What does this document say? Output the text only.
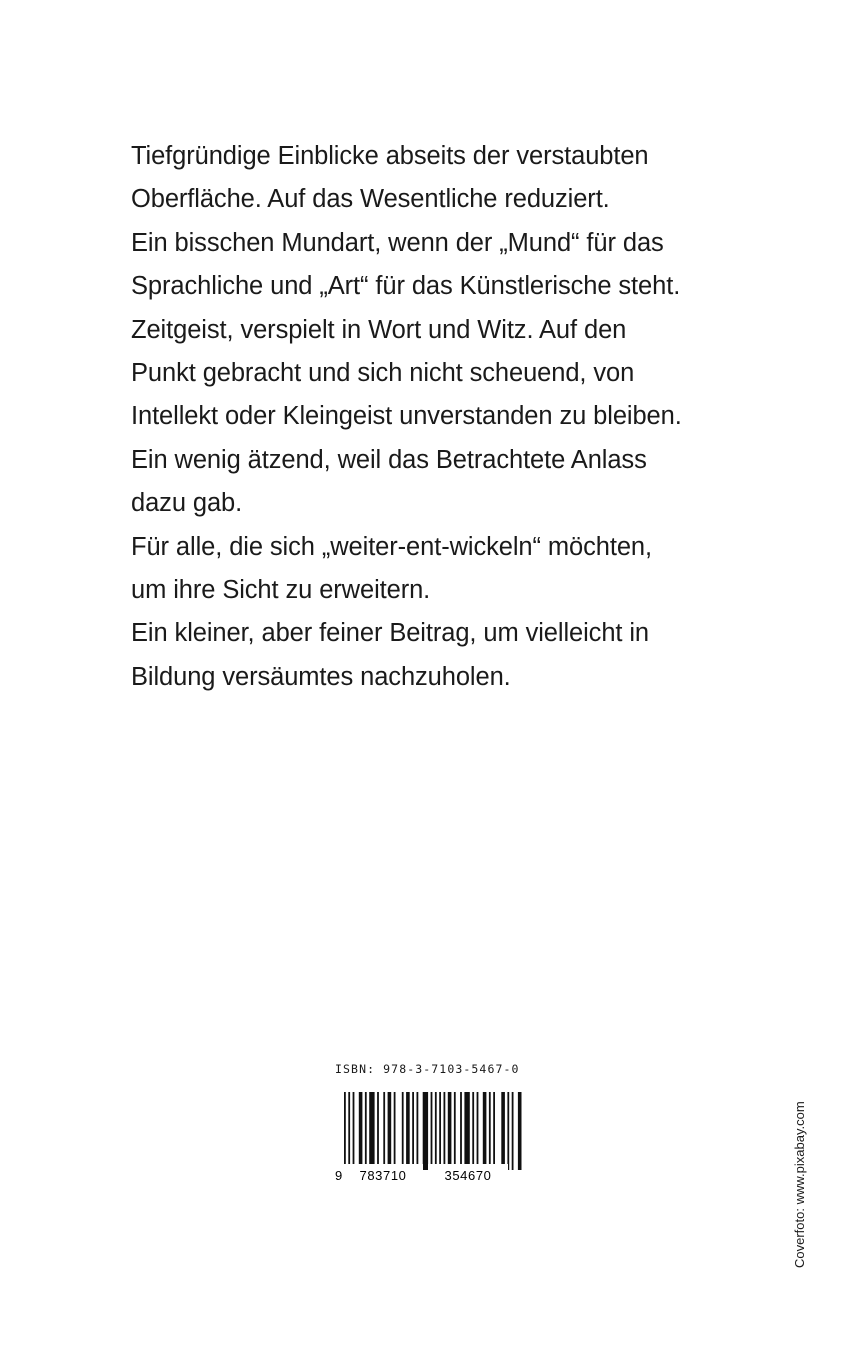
Tiefgründige Einblicke abseits der verstaubten
Oberfläche. Auf das Wesentliche reduziert.
Ein bisschen Mundart, wenn der „Mund“ für das
Sprachliche und „Art“ für das Künstlerische steht.
Zeitgeist, verspielt in Wort und Witz. Auf den
Punkt gebracht und sich nicht scheuend, von
Intellekt oder Kleingeist unverstanden zu bleiben.
Ein wenig ätzend, weil das Betrachtete Anlass
dazu gab.
Für alle, die sich „weiter-ent-wickeln“ möchten,
um ihre Sicht zu erweitern.
Ein kleiner, aber feiner Beitrag, um vielleicht in
Bildung versäumtes nachzuholen.
ISBN: 978-3-7103-5467-0
9 783710	354670	Coverfoto: www.pixabay.com
